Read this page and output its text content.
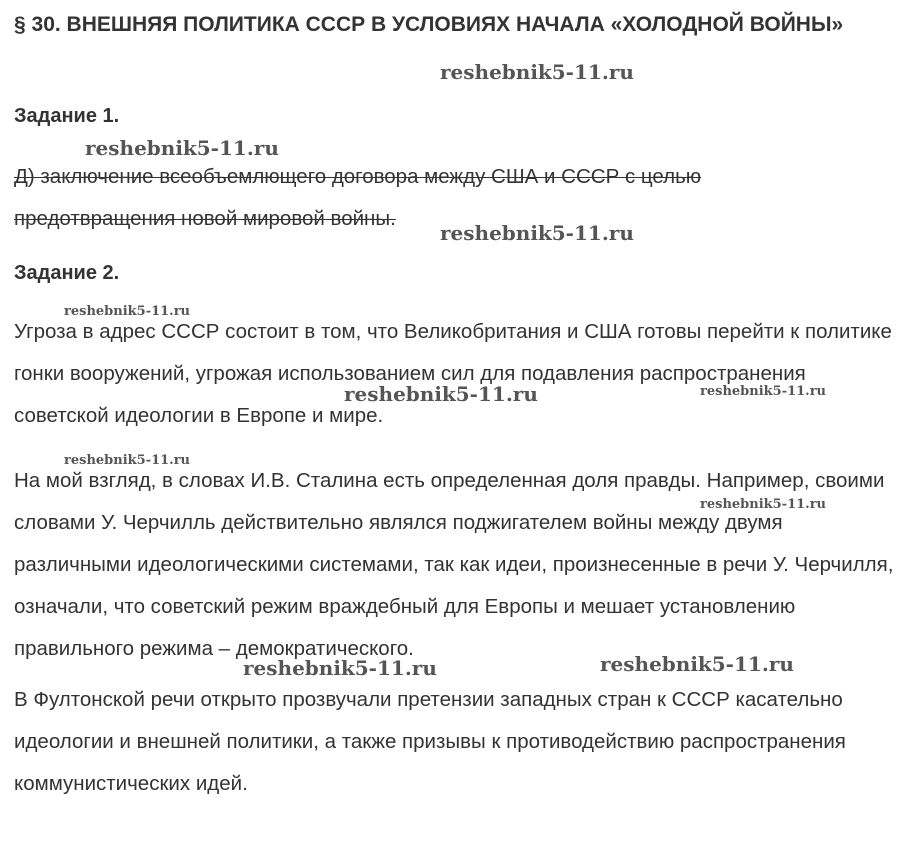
§ 30. ВНЕШНЯЯ ПОЛИТИКА СССР В УСЛОВИЯХ НАЧАЛА «ХОЛОДНОЙ ВОЙНЫ»
Задание 1.

Д) заключение всеобъемлющего договора между США и СССР с целью предотвращения новой мировой войны.

Задание 2.

Угроза в адрес СССР состоит в том, что Великобритания и США готовы перейти к политике гонки вооружений, угрожая использованием сил для подавления распространения советской идеологии в Европе и мире.

На мой взгляд, в словах И.В. Сталина есть определенная доля правды. Например, своими словами У. Черчилль действительно являлся поджигателем войны между двумя различными идеологическими системами, так как идеи, произнесенные в речи У. Черчилля, означали, что советский режим враждебный для Европы и мешает установлению правильного режима – демократического.

В Фултонской речи открыто прозвучали претензии западных стран к СССР касательно идеологии и внешней политики, а также призывы к противодействию распространения коммунистических идей.

reshebnik5-11.ru
reshebnik5-11.ru
reshebnik5-11.ru
reshebnik5-11.ru
reshebnik5-11.ru	reshebnik5-11.ru
reshebnik5-11.ru
reshebnik5-11.ru
reshebnik5-11.ru	reshebnik5-11.ru
